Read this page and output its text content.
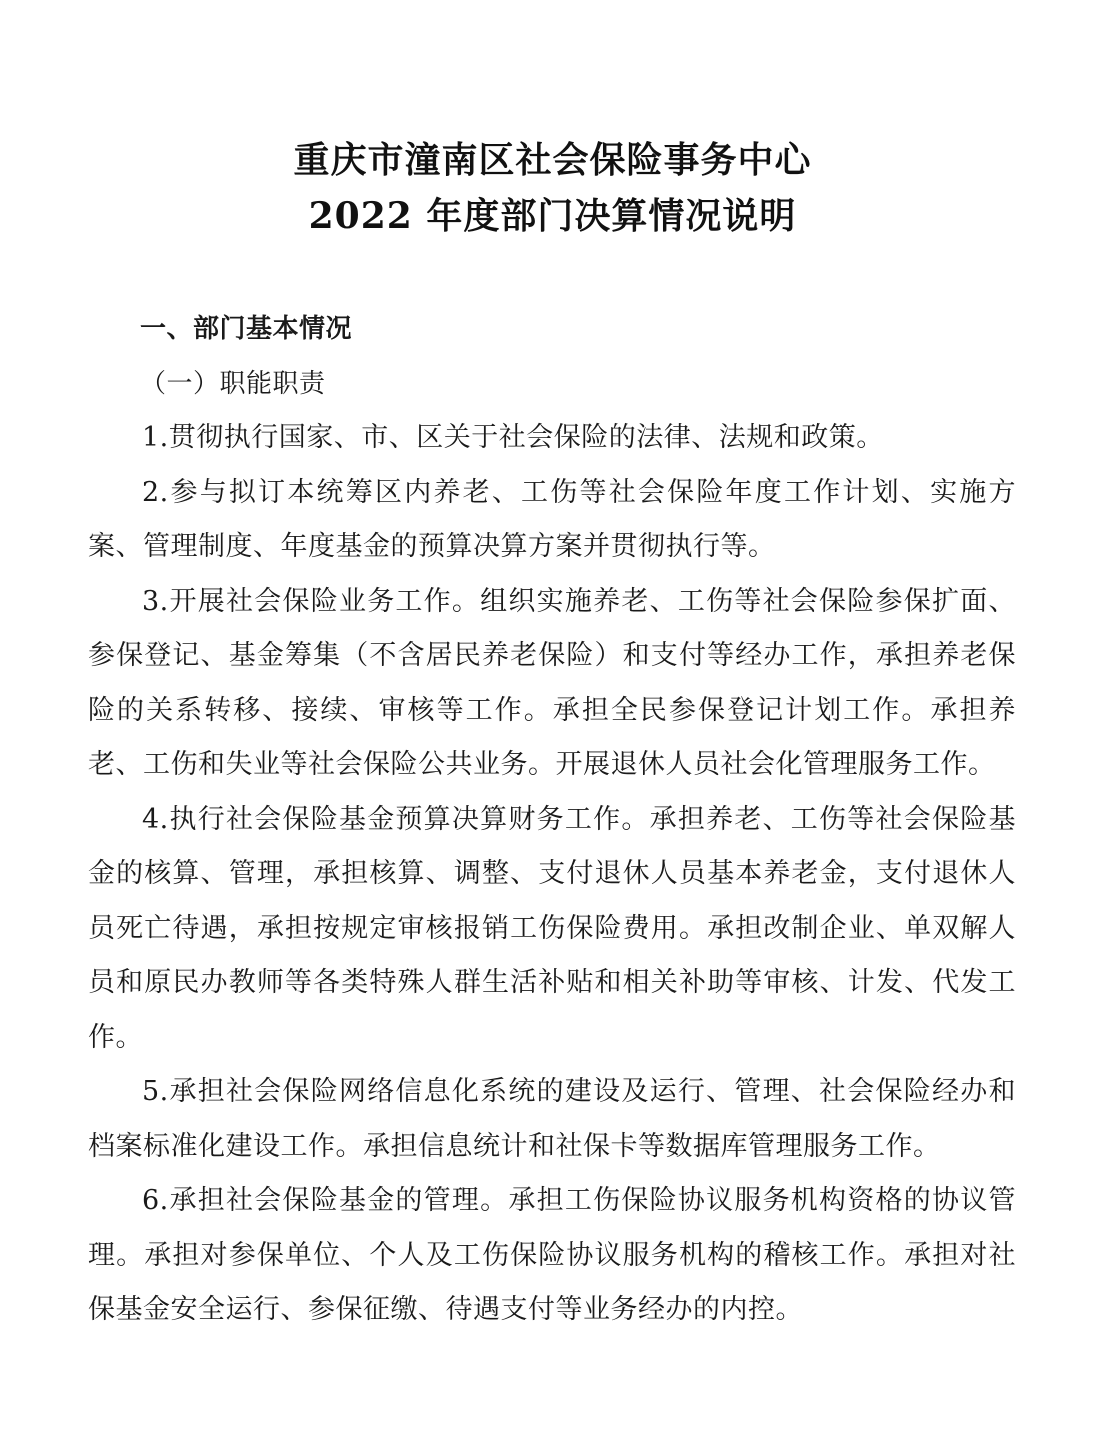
重庆市潼南区社会保险事务中心
2022 年度部门决算情况说明

一、部门基本情况

（一）职能职责

1.贯彻执行国家、市、区关于社会保险的法律、法规和政策。

2.参与拟订本统筹区内养老、工伤等社会保险年度工作计划、实施方案、管理制度、年度基金的预算决算方案并贯彻执行等。

3.开展社会保险业务工作。组织实施养老、工伤等社会保险参保扩面、参保登记、基金筹集（不含居民养老保险）和支付等经办工作，承担养老保险的关系转移、接续、审核等工作。承担全民参保登记计划工作。承担养老、工伤和失业等社会保险公共业务。开展退休人员社会化管理服务工作。

4.执行社会保险基金预算决算财务工作。承担养老、工伤等社会保险基金的核算、管理，承担核算、调整、支付退休人员基本养老金，支付退休人员死亡待遇，承担按规定审核报销工伤保险费用。承担改制企业、单双解人员和原民办教师等各类特殊人群生活补贴和相关补助等审核、计发、代发工作。

5.承担社会保险网络信息化系统的建设及运行、管理、社会保险经办和档案标准化建设工作。承担信息统计和社保卡等数据库管理服务工作。

6.承担社会保险基金的管理。承担工伤保险协议服务机构资格的协议管理。承担对参保单位、个人及工伤保险协议服务机构的稽核工作。承担对社保基金安全运行、参保征缴、待遇支付等业务经办的内控。
